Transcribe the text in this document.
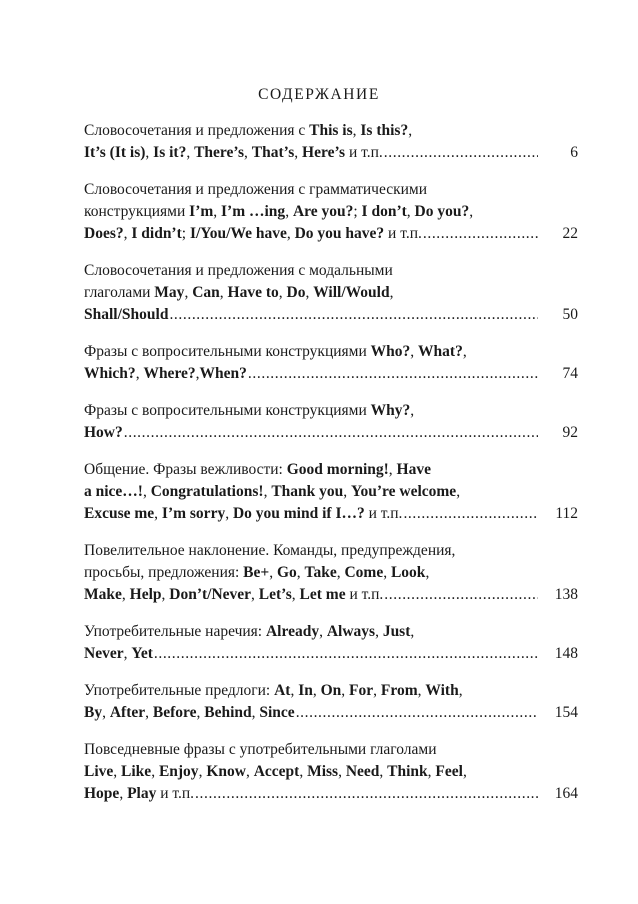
СОДЕРЖАНИЕ
Словосочетания и предложения с This is, Is this?,
It’s (It is), Is it?, There’s, That’s, Here’s и т.п. .....	6
Словосочетания и предложения с грамматическими
конструкциями I’m, I’m …ing, Are you?; I don’t, Do you?,
Does?, I didn’t; I/You/We have, Do you have? и т.п. .....	22
Словосочетания и предложения с модальными
глаголами May, Can, Have to, Do, Will/Would,
Shall/Should .....	50
Фразы с вопросительными конструкциями Who?, What?,
Which?, Where?,When? .....	74
Фразы с вопросительными конструкциями Why?,
How? .....	92
Общение. Фразы вежливости: Good morning!, Have
a nice…!, Congratulations!, Thank you, You’re welcome,
Excuse me, I’m sorry, Do you mind if I…? и т.п. .....	112
Повелительное наклонение. Команды, предупреждения,
просьбы, предложения: Be+, Go, Take, Come, Look,
Make, Help, Don’t/Never, Let’s, Let me и т.п. .....	138
Употребительные наречия: Already, Always, Just,
Never, Yet .....	148
Употребительные предлоги: At, In, On, For, From, With,
By, After, Before, Behind, Since .....	154
Повседневные фразы с употребительными глаголами
Live, Like, Enjoy, Know, Accept, Miss, Need, Think, Feel,
Hope, Play и т.п. .....	164
